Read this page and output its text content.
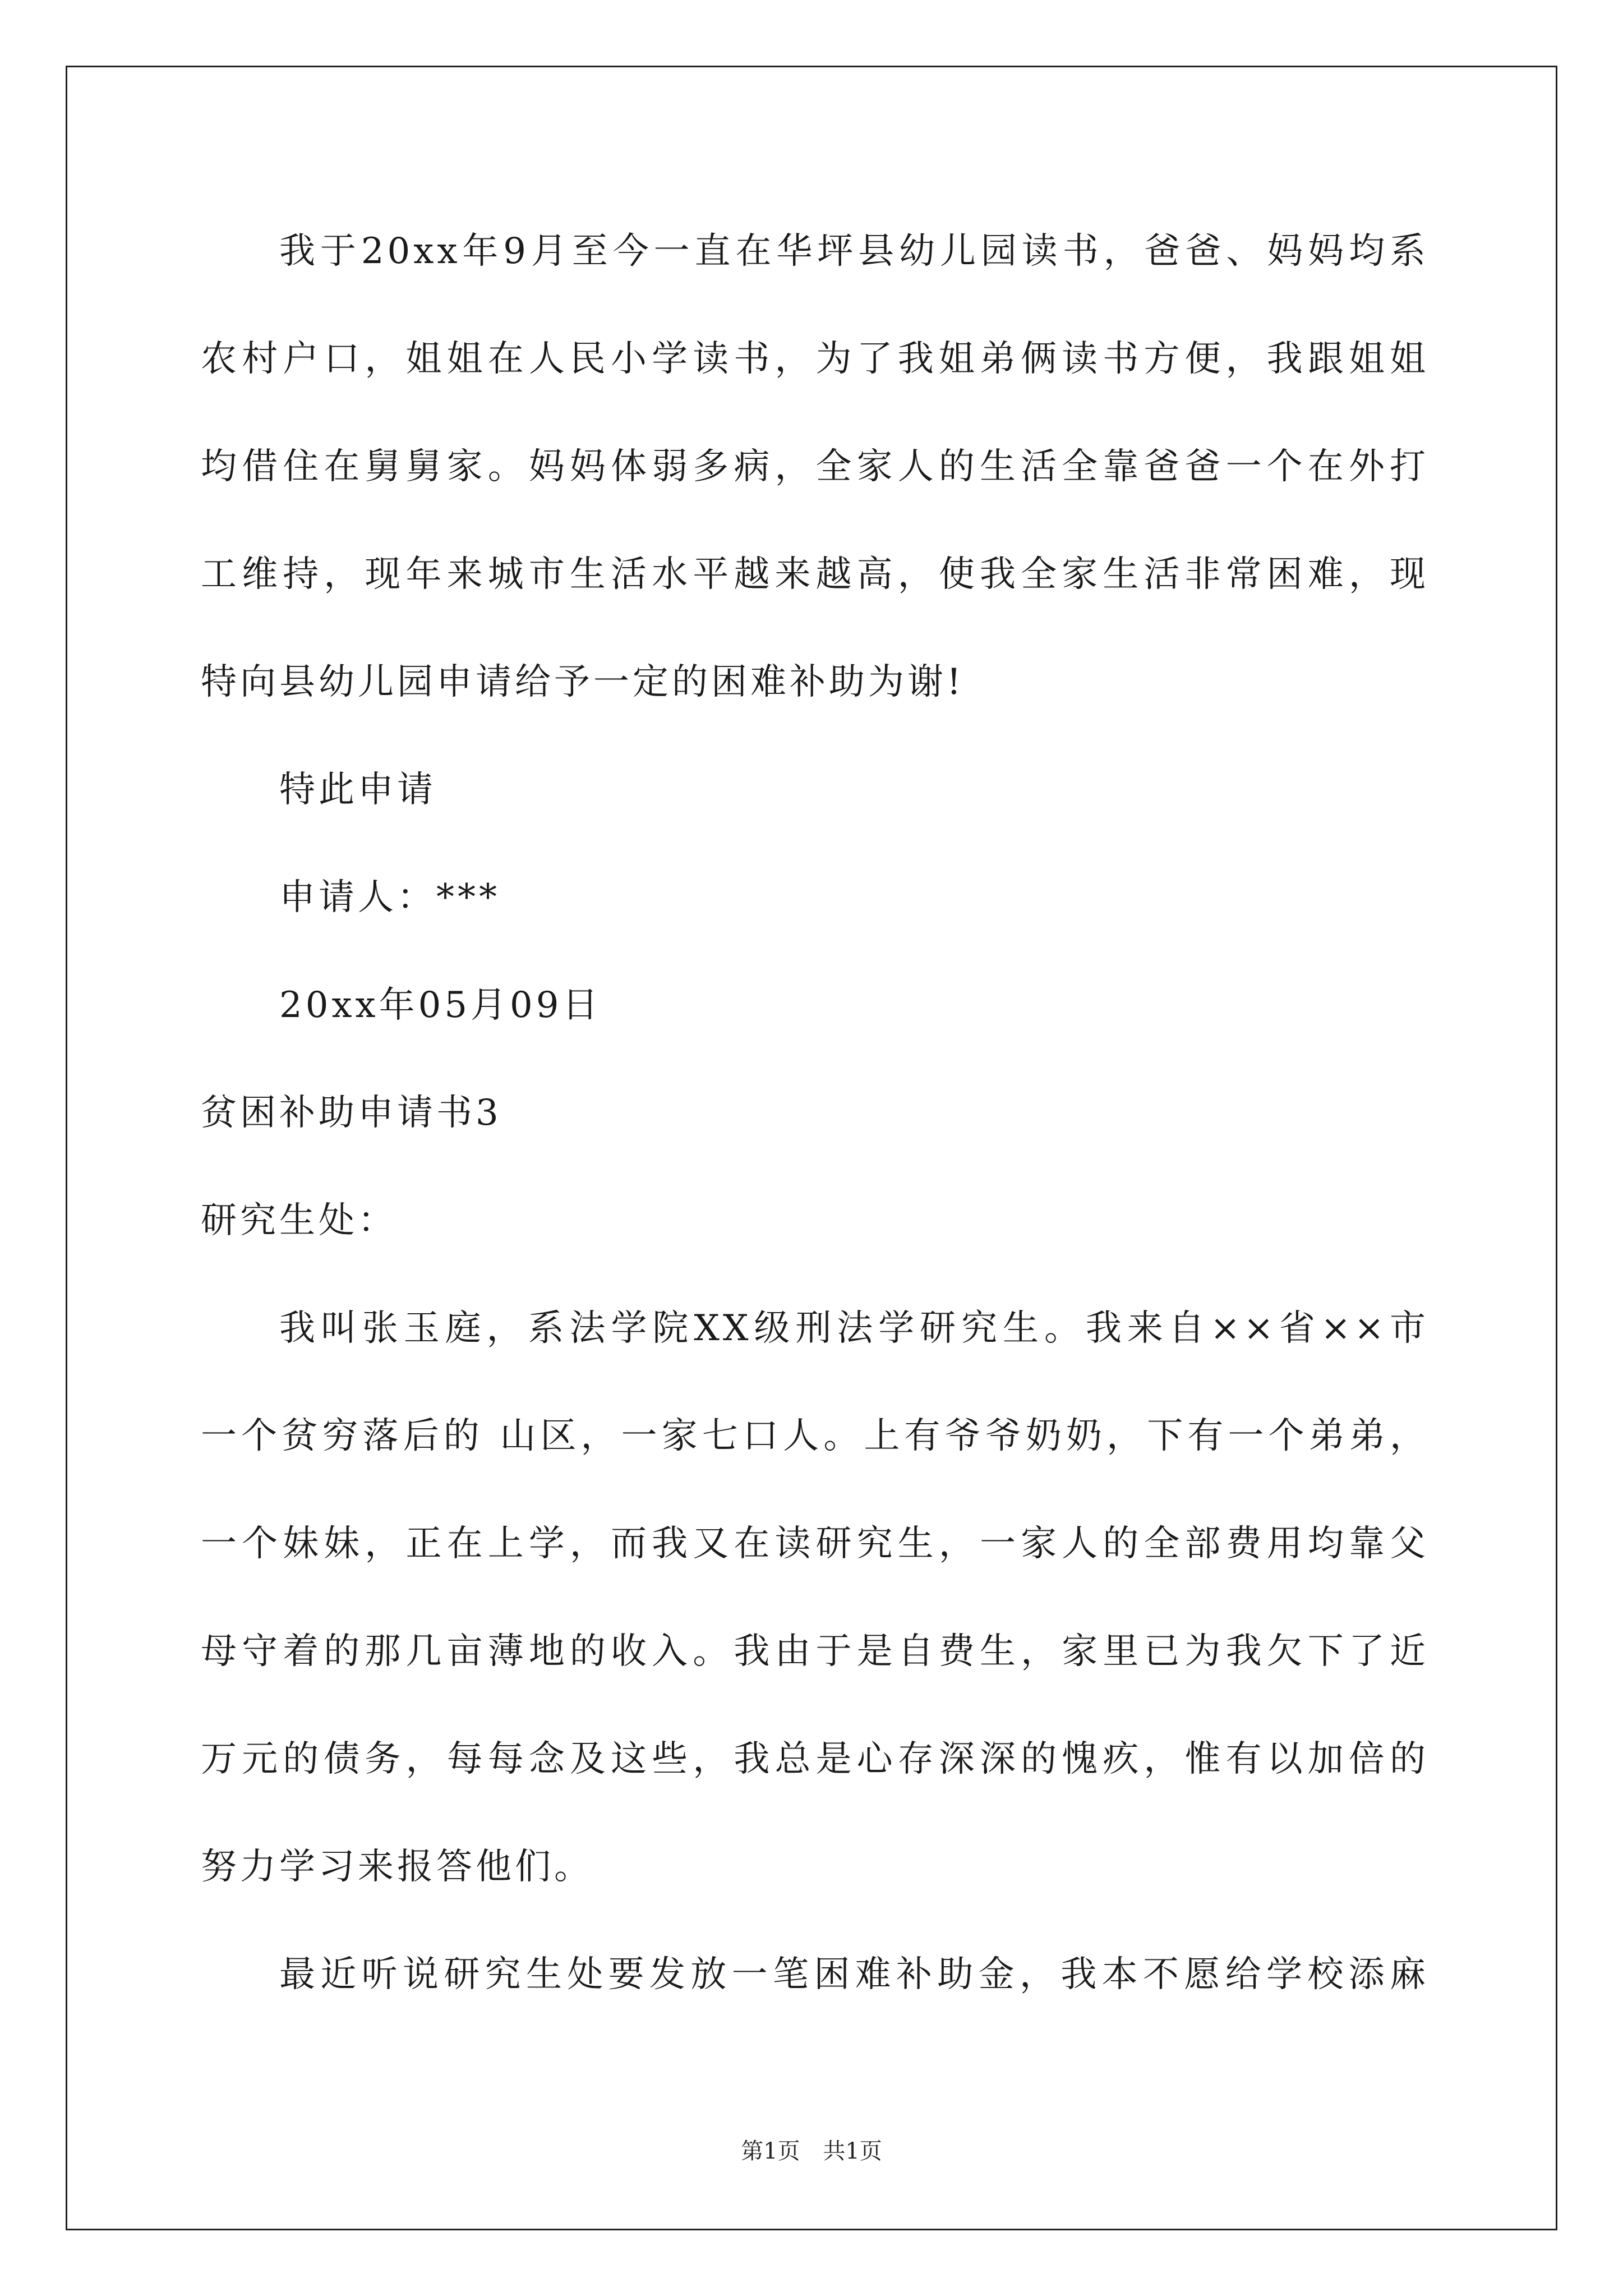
我于20xx年9月至今一直在华坪县幼儿园读书，爸爸、妈妈均系
农村户口，姐姐在人民小学读书，为了我姐弟俩读书方便，我跟姐姐
均借住在舅舅家。妈妈体弱多病，全家人的生活全靠爸爸一个在外打
工维持，现年来城市生活水平越来越高，使我全家生活非常困难，现
特向县幼儿园申请给予一定的困难补助为谢!
特此申请
申请人：***
20xx年05月09日
贫困补助申请书3
研究生处：
我叫张玉庭，系法学院XX级刑法学研究生。我来自××省××市
一个贫穷落后的 山区，一家七口人。上有爷爷奶奶，下有一个弟弟，
一个妹妹，正在上学，而我又在读研究生，一家人的全部费用均靠父
母守着的那几亩薄地的收入。我由于是自费生，家里已为我欠下了近
万元的债务，每每念及这些，我总是心存深深的愧疚，惟有以加倍的
努力学习来报答他们。
最近听说研究生处要发放一笔困难补助金，我本不愿给学校添麻
第1页 共1页
